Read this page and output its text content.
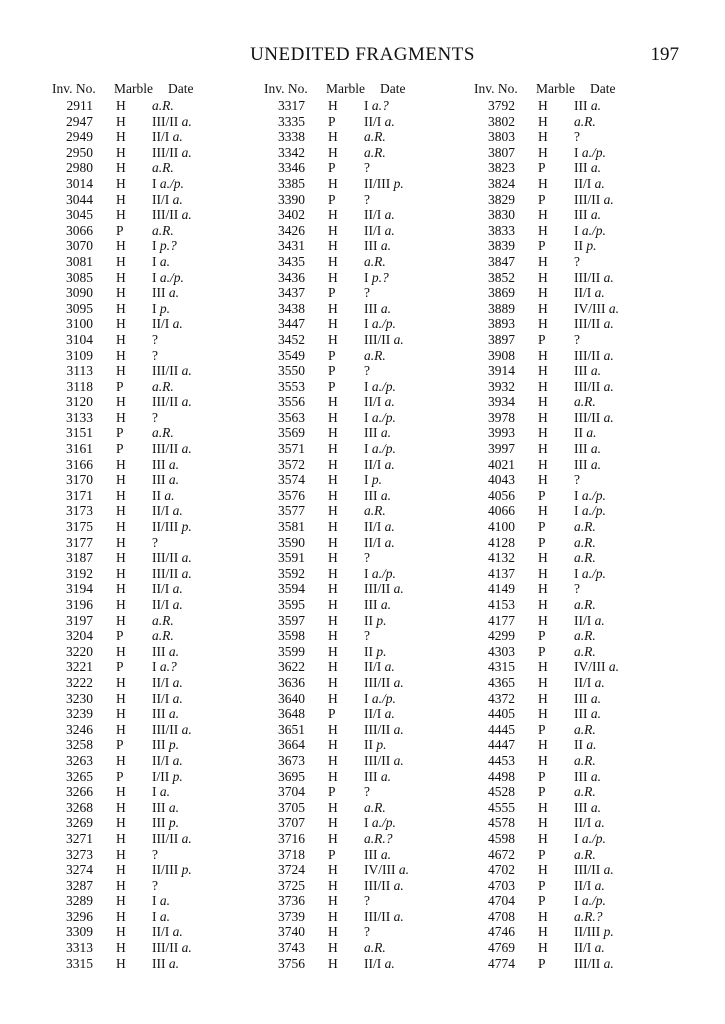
UNEDITED FRAGMENTS	197
Inv. No. Marble Date
2911 H a.R.
2947 H III/II a.
2949 H II/I a.
2950 H III/II a.
2980 H a.R.
3014 H I a./p.
3044 H II/I a.
3045 H III/II a.
3066 P a.R.
3070 H I p.?
3081 H I a.
3085 H I a./p.
3090 H III a.
3095 H I p.
3100 H II/I a.
3104 H ?
3109 H ?
3113 H III/II a.
3118 P a.R.
3120 H III/II a.
3133 H ?
3151 P a.R.
3161 P III/II a.
3166 H III a.
3170 H III a.
3171 H II a.
3173 H II/I a.
3175 H II/III p.
3177 H ?
3187 H III/II a.
3192 H III/II a.
3194 H II/I a.
3196 H II/I a.
3197 H a.R.
3204 P a.R.
3220 H III a.
3221 P I a.?
3222 H II/I a.
3230 H II/I a.
3239 H III a.
3246 H III/II a.
3258 P III p.
3263 H II/I a.
3265 P I/II p.
3266 H I a.
3268 H III a.
3269 H III p.
3271 H III/II a.
3273 H ?
3274 H II/III p.
3287 H ?
3289 H I a.
3296 H I a.
3309 H II/I a.
3313 H III/II a.
3315 H III a.
Inv. No. Marble Date
3317 H I a.?
3335 P II/I a.
3338 H a.R.
3342 H a.R.
3346 P ?
3385 H II/III p.
3390 P ?
3402 H II/I a.
3426 H II/I a.
3431 H III a.
3435 H a.R.
3436 H I p.?
3437 P ?
3438 H III a.
3447 H I a./p.
3452 H III/II a.
3549 P a.R.
3550 P ?
3553 P I a./p.
3556 H II/I a.
3563 H I a./p.
3569 H III a.
3571 H I a./p.
3572 H II/I a.
3574 H I p.
3576 H III a.
3577 H a.R.
3581 H II/I a.
3590 H II/I a.
3591 H ?
3592 H I a./p.
3594 H III/II a.
3595 H III a.
3597 H II p.
3598 H ?
3599 H II p.
3622 H II/I a.
3636 H III/II a.
3640 H I a./p.
3648 P II/I a.
3651 H III/II a.
3664 H II p.
3673 H III/II a.
3695 H III a.
3704 P ?
3705 H a.R.
3707 H I a./p.
3716 H a.R.?
3718 P III a.
3724 H IV/III a.
3725 H III/II a.
3736 H ?
3739 H III/II a.
3740 H ?
3743 H a.R.
3756 H II/I a.
Inv. No. Marble Date
3792 H III a.
3802 H a.R.
3803 H ?
3807 H I a./p.
3823 P III a.
3824 H II/I a.
3829 P III/II a.
3830 H III a.
3833 H I a./p.
3839 P II p.
3847 H ?
3852 H III/II a.
3869 H II/I a.
3889 H IV/III a.
3893 H III/II a.
3897 P ?
3908 H III/II a.
3914 H III a.
3932 H III/II a.
3934 H a.R.
3978 H III/II a.
3993 H II a.
3997 H III a.
4021 H III a.
4043 H ?
4056 P I a./p.
4066 H I a./p.
4100 P a.R.
4128 P a.R.
4132 H a.R.
4137 H I a./p.
4149 H ?
4153 H a.R.
4177 H II/I a.
4299 P a.R.
4303 P a.R.
4315 H IV/III a.
4365 H II/I a.
4372 H III a.
4405 H III a.
4445 P a.R.
4447 H II a.
4453 H a.R.
4498 P III a.
4528 P a.R.
4555 H III a.
4578 H II/I a.
4598 H I a./p.
4672 P a.R.
4702 H III/II a.
4703 P II/I a.
4704 P I a./p.
4708 H a.R.?
4746 H II/III p.
4769 H II/I a.
4774 P III/II a.
